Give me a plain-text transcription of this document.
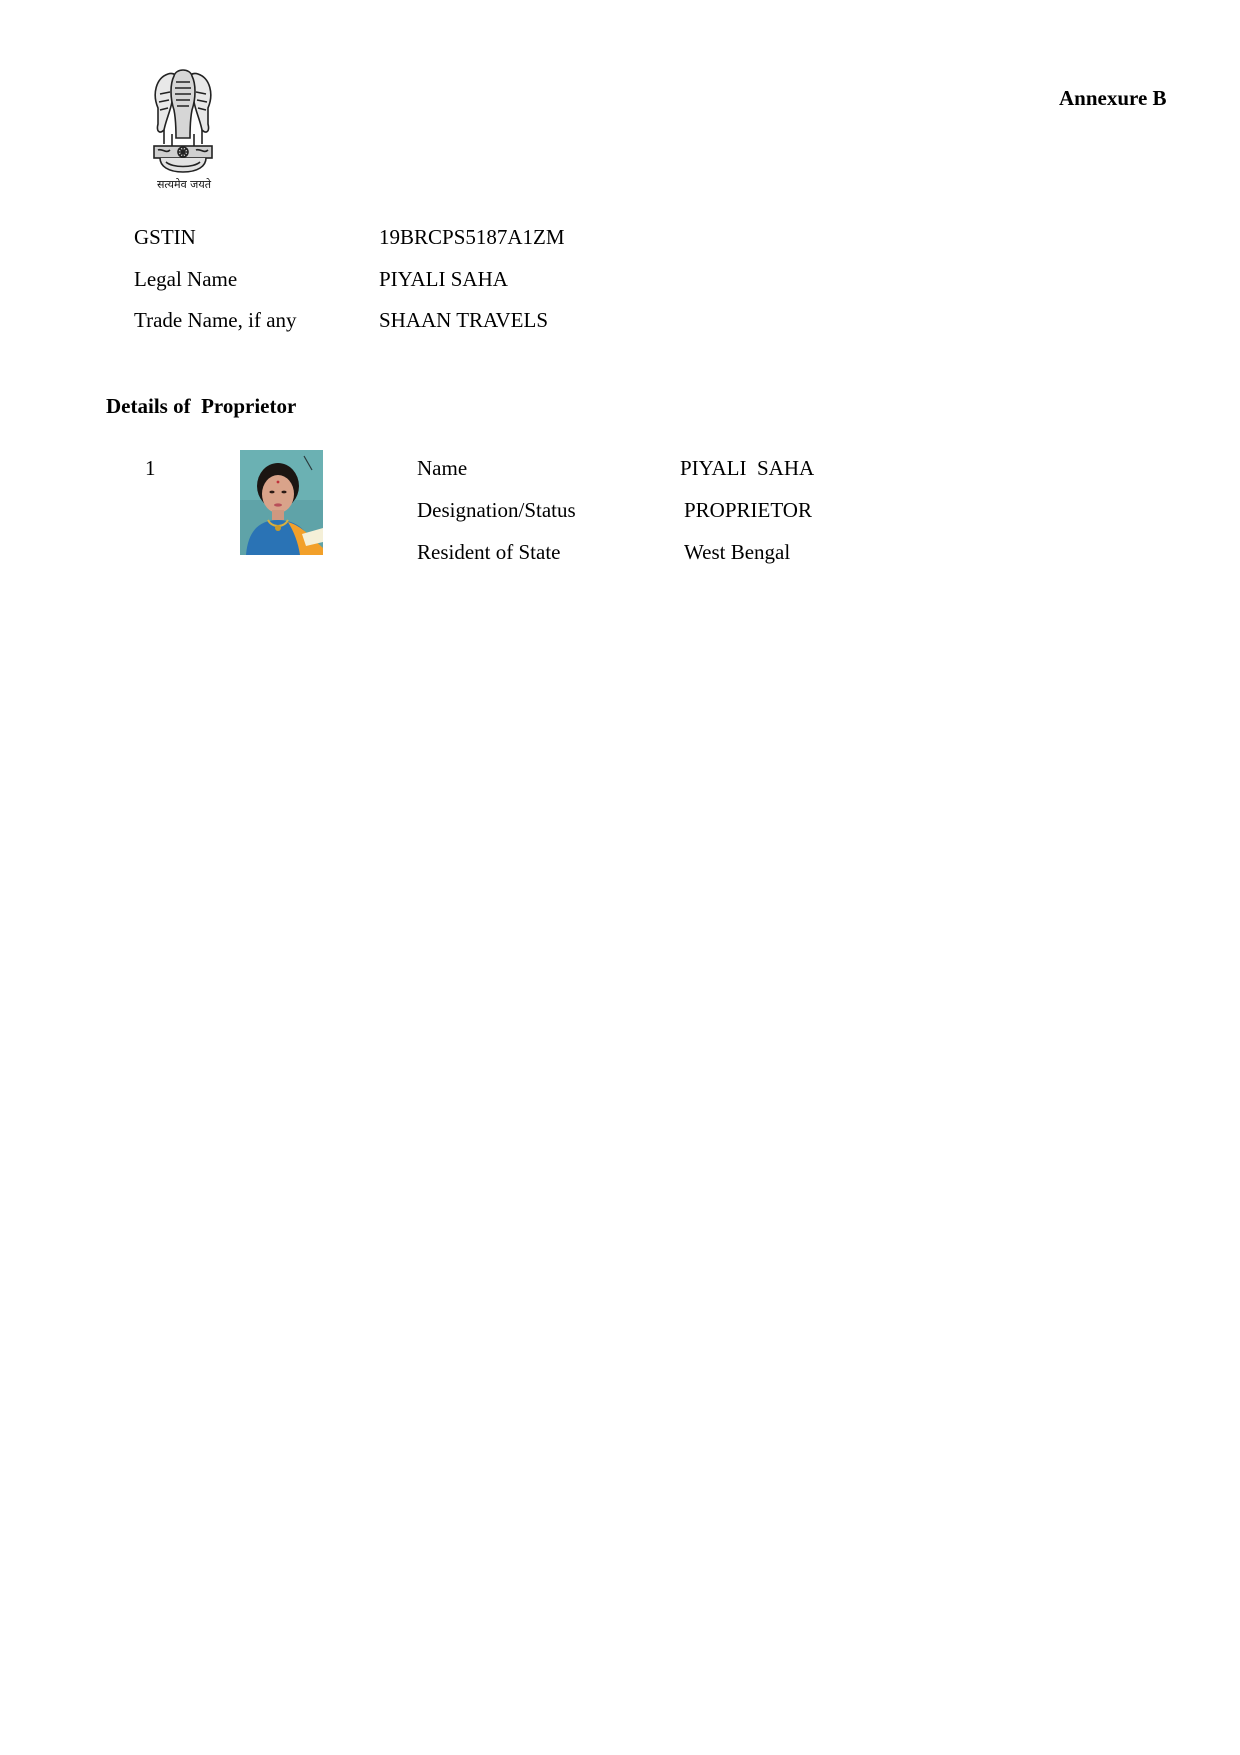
सत्यमेव जयते
Annexure B
GSTIN	19BRCPS5187A1ZM
Legal Name	PIYALI SAHA
Trade Name, if any	SHAAN TRAVELS
Details of  Proprietor
1	Name	PIYALI  SAHA
Designation/Status	PROPRIETOR
Resident of State	West Bengal
